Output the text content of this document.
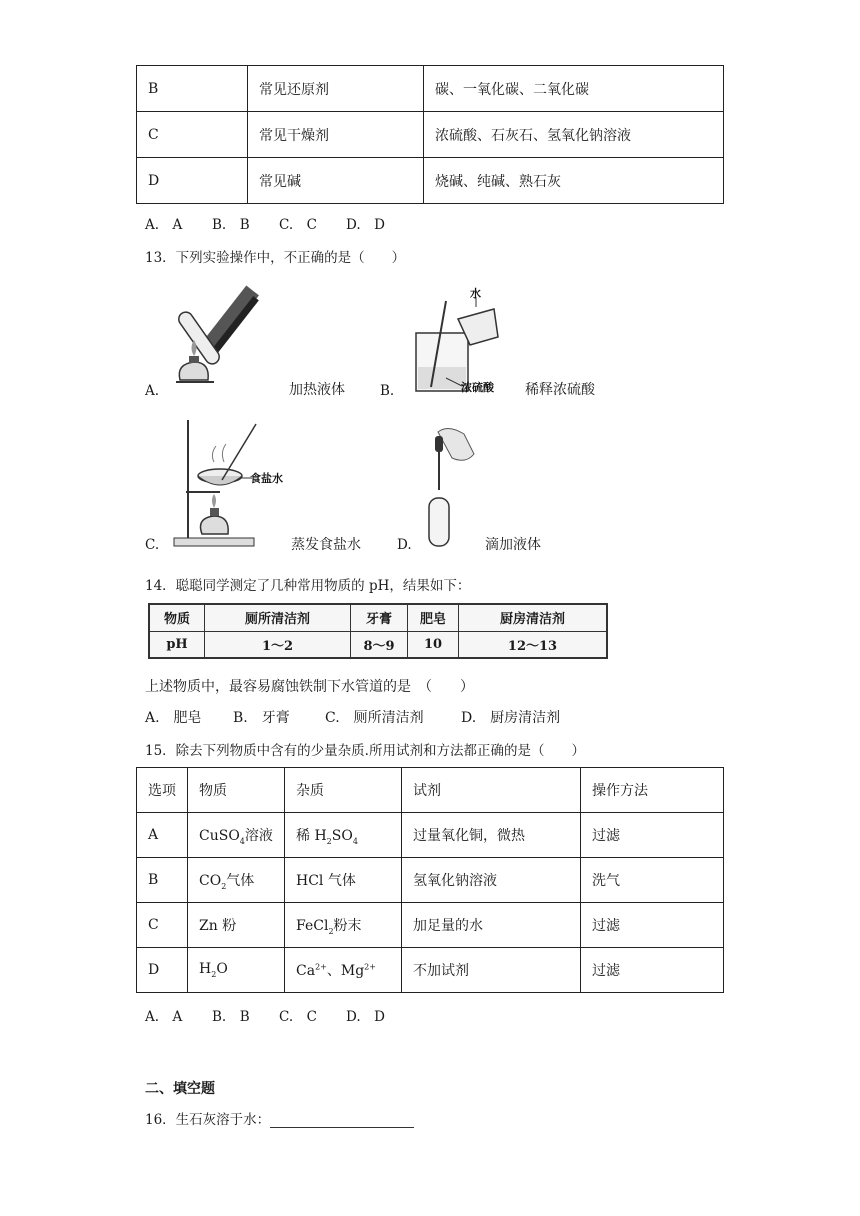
B	常见还原剂	碳、一氧化碳、二氧化碳
C	常见干燥剂	浓硫酸、石灰石、氢氧化钠溶液
D	常见碱	烧碱、纯碱、熟石灰
A.　A B.　B C.　C D.　D
13．下列实验操作中，不正确的是（　　）
A.	加热液体
水
浓硫酸
B.	稀释浓硫酸
食盐水
C.	蒸发食盐水	D.	滴加液体
14．聪聪同学测定了几种常用物质的 pH，结果如下：
物质	厕所清洁剂	牙膏	肥皂	厨房清洁剂
pH	1～2	8～9	10	12～13
上述物质中，最容易腐蚀铁制下水管道的是　（　　）
A.　肥皂 B.　牙膏	C.　厕所清洁剂	D.　厨房清洁剂
15．除去下列物质中含有的少量杂质.所用试剂和方法都正确的是（　　）
选项	物质	杂质	试剂	操作方法
A	CuSO$_4$溶液	稀 $H_2SO_4$	过量氧化铜，微热	过滤
B	$CO_2$气体	HCl 气体	氢氧化钠溶液	洗气
C	Zn 粉	FeCl$_2$粉末	加足量的水	过滤
D	$H_2O$	$Ca^{2+}$、$Mg^{2+}$	不加试剂	过滤
A.　A B.　B C.　C D.　D
二、填空题
16．生石灰溶于水：
